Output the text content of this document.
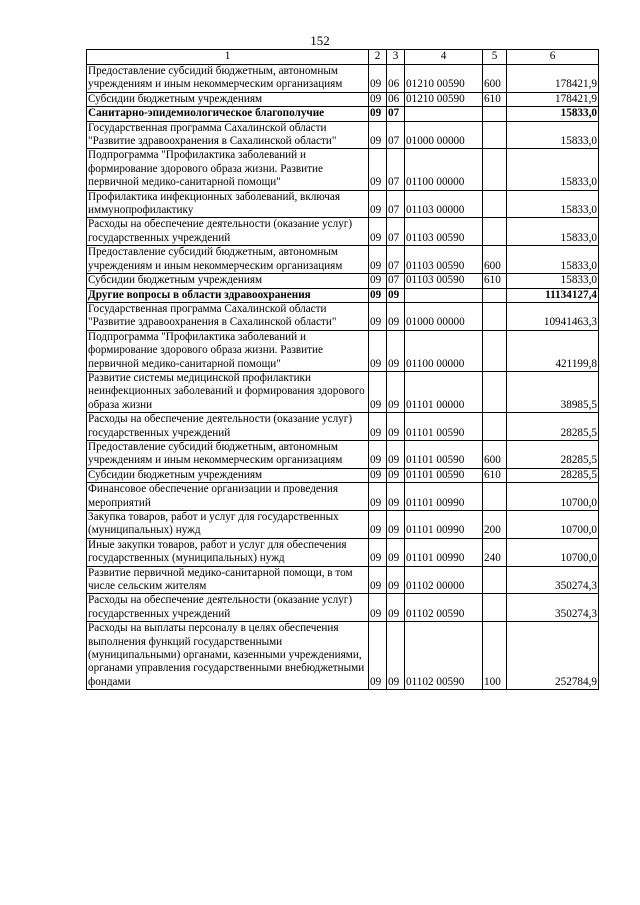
152
1	2	3	4	5	6
Предоставление субсидий бюджетным, автономным учреждениям и иным некоммерческим организациям	09	06	01210 00590	600	178421,9
Субсидии бюджетным учреждениям	09	06	01210 00590	610	178421,9
Санитарно-эпидемиологическое благополучие	09	07			15833,0
Государственная программа Сахалинской области "Развитие здравоохранения в Сахалинской области"	09	07	01000 00000		15833,0
Подпрограмма "Профилактика заболеваний и формирование здорового образа жизни. Развитие первичной медико-санитарной помощи"	09	07	01100 00000		15833,0
Профилактика инфекционных заболеваний, включая иммунопрофилактику	09	07	01103 00000		15833,0
Расходы на обеспечение деятельности (оказание услуг) государственных учреждений	09	07	01103 00590		15833,0
Предоставление субсидий бюджетным, автономным учреждениям и иным некоммерческим организациям	09	07	01103 00590	600	15833,0
Субсидии бюджетным учреждениям	09	07	01103 00590	610	15833,0
Другие вопросы в области здравоохранения	09	09			11134127,4
Государственная программа Сахалинской области "Развитие здравоохранения в Сахалинской области"	09	09	01000 00000		10941463,3
Подпрограмма "Профилактика заболеваний и формирование здорового образа жизни. Развитие первичной медико-санитарной помощи"	09	09	01100 00000		421199,8
Развитие системы медицинской профилактики неинфекционных заболеваний и формирования здорового образа жизни	09	09	01101 00000		38985,5
Расходы на обеспечение деятельности (оказание услуг) государственных учреждений	09	09	01101 00590		28285,5
Предоставление субсидий бюджетным, автономным учреждениям и иным некоммерческим организациям	09	09	01101 00590	600	28285,5
Субсидии бюджетным учреждениям	09	09	01101 00590	610	28285,5
Финансовое обеспечение организации и проведения мероприятий	09	09	01101 00990		10700,0
Закупка товаров, работ и услуг для государственных (муниципальных) нужд	09	09	01101 00990	200	10700,0
Иные закупки товаров, работ и услуг для обеспечения государственных (муниципальных) нужд	09	09	01101 00990	240	10700,0
Развитие первичной медико-санитарной помощи, в том числе сельским жителям	09	09	01102 00000		350274,3
Расходы на обеспечение деятельности (оказание услуг) государственных учреждений	09	09	01102 00590		350274,3
Расходы на выплаты персоналу в целях обеспечения выполнения функций государственными (муниципальными) органами, казенными учреждениями, органами управления государственными внебюджетными фондами	09	09	01102 00590	100	252784,9
